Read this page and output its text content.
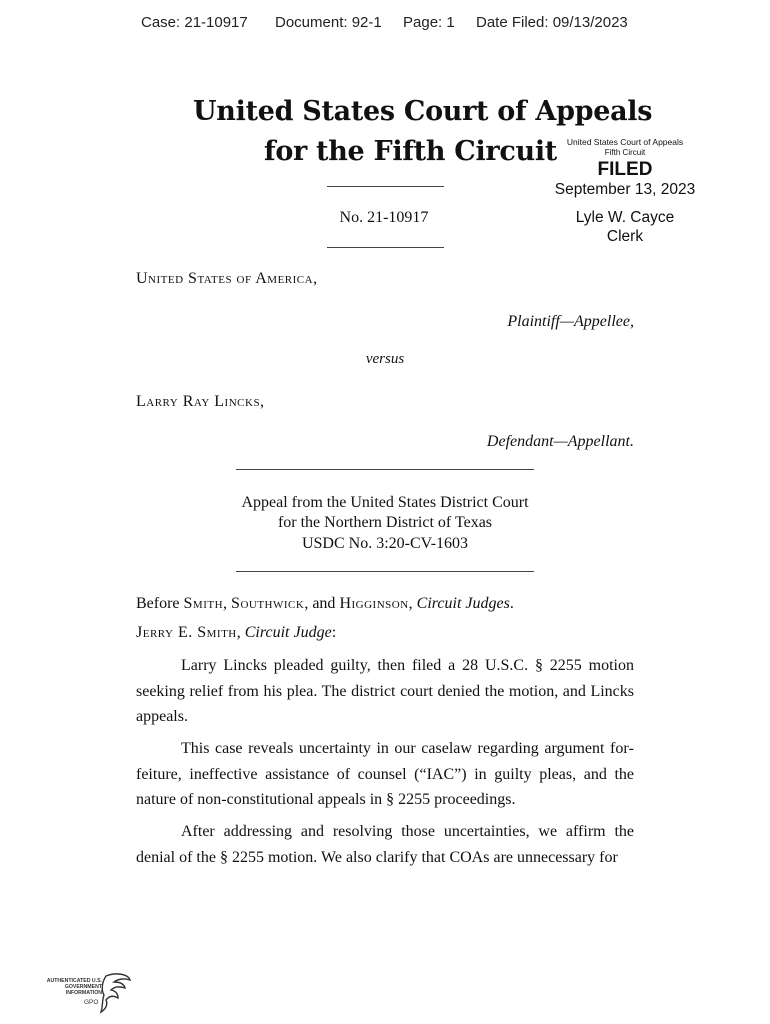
Case: 21-10917 Document: 92-1 Page: 1 Date Filed: 09/13/2023
United States Court of Appeals
for the Fifth Circuit	United States Court of Appeals
Fifth Circuit
FILED
September 13, 2023
Lyle W. Cayce
Clerk
No. 21-10917
United States of America,
Plaintiff—Appellee,
versus
Larry Ray Lincks,
Defendant—Appellant.
Appeal from the United States District Court
for the Northern District of Texas
USDC No. 3:20-CV-1603
Before Smith, Southwick, and Higginson, Circuit Judges.
Jerry E. Smith, Circuit Judge:

Larry Lincks pleaded guilty, then filed a 28 U.S.C. § 2255 motion seeking relief from his plea. The district court denied the motion, and Lincks appeals.

This case reveals uncertainty in our caselaw regarding argument forfeiture, ineffective assistance of counsel (“IAC”) in guilty pleas, and the nature of non-constitutional appeals in § 2255 proceedings.

After addressing and resolving those uncertainties, we affirm the denial of the § 2255 motion. We also clarify that COAs are unnecessary for

AUTHENTICATED U.S. GOVERNMENT INFORMATION
GPO
